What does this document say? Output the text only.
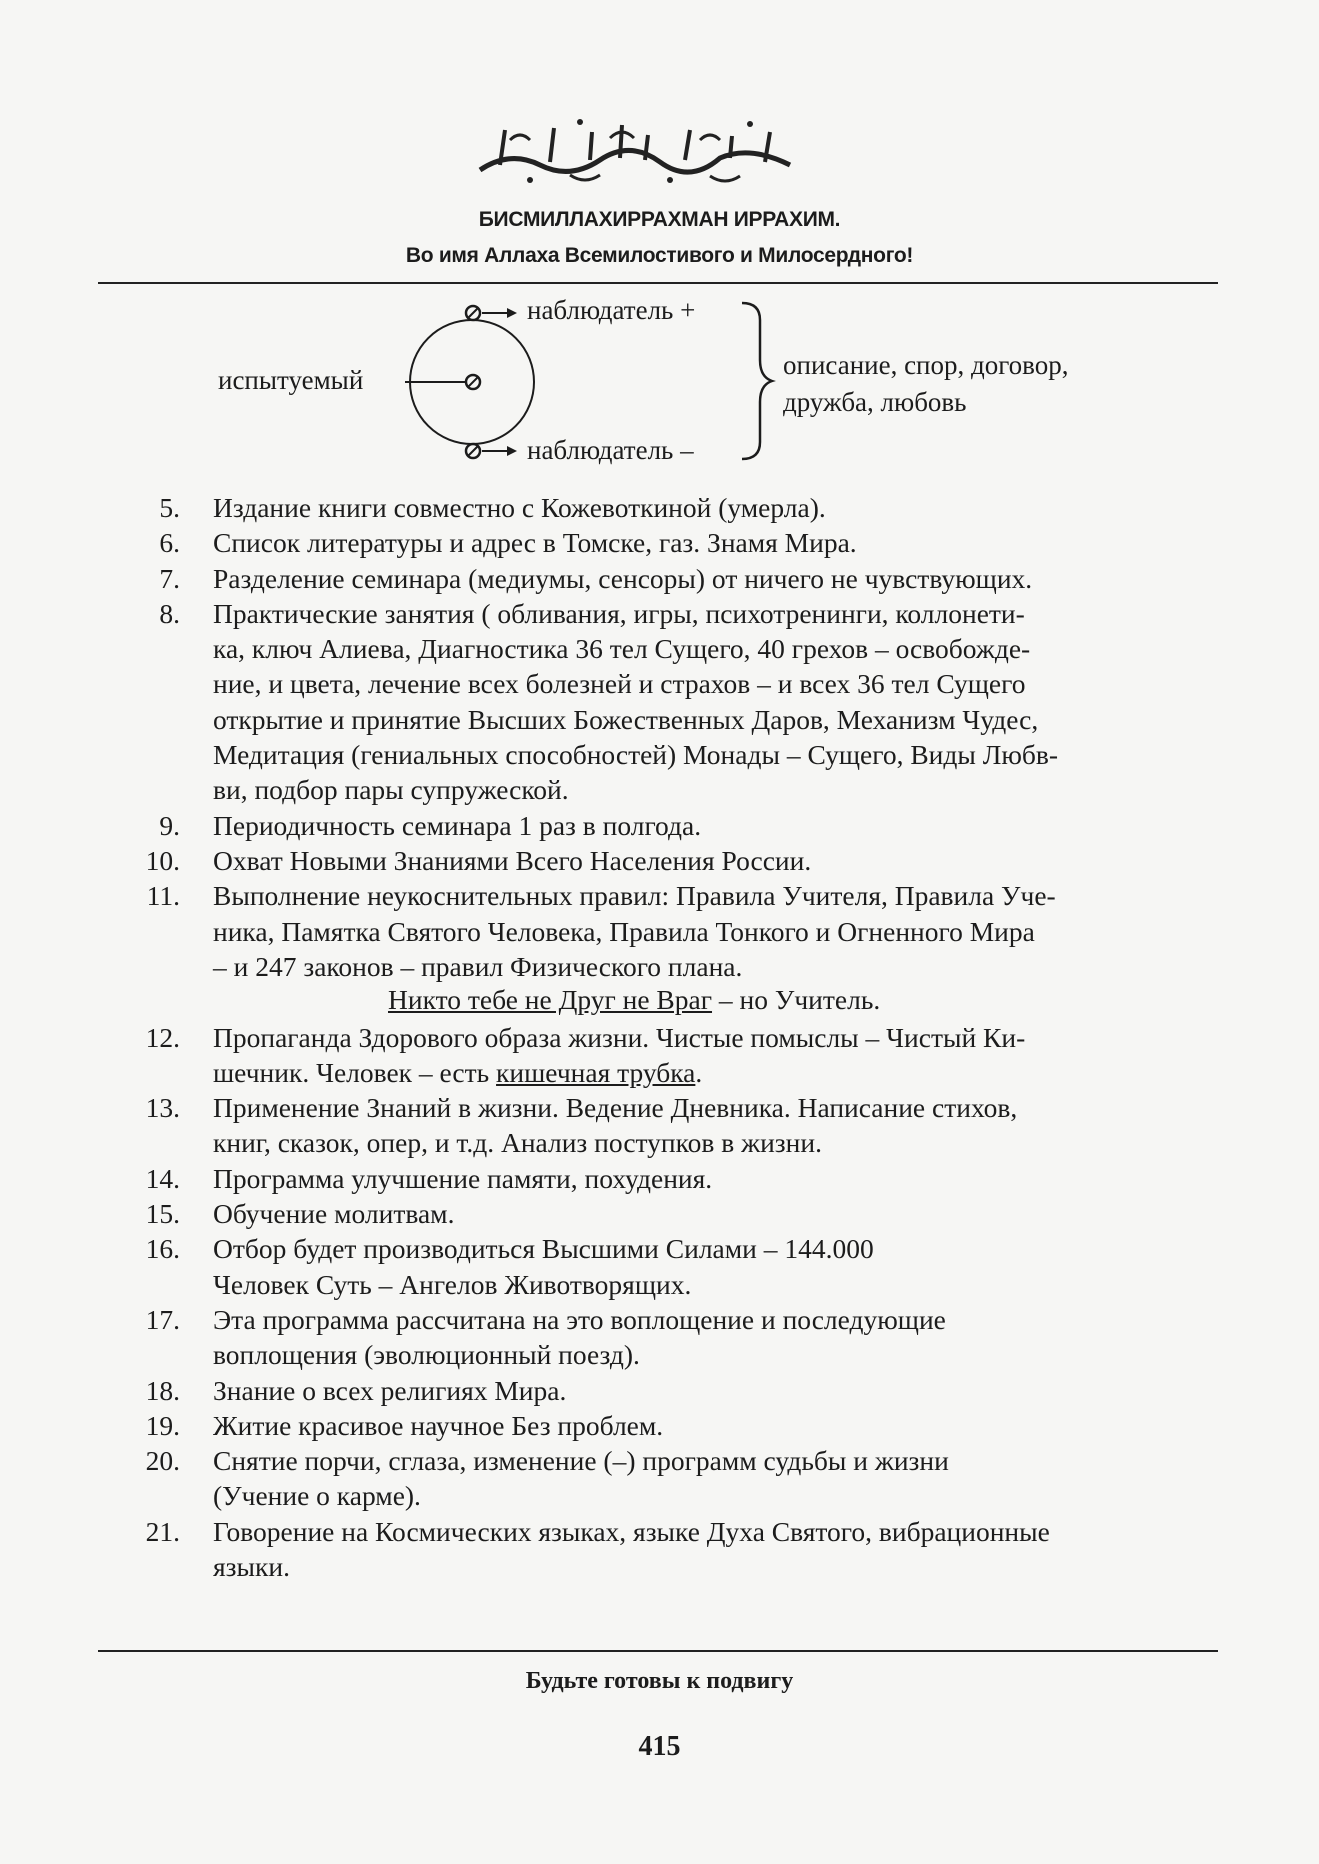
БИСМИЛЛАХИРРАХМАН ИРРАХИМ.
Во имя Аллаха Всемилостивого и Милосердного!
наблюдатель +
испытуемый
наблюдатель –
описание, спор, договор,
дружба, любовь
5. Издание книги совместно с Кожевоткиной (умерла).
6. Список литературы и адрес в Томске, газ. Знамя Мира.
7. Разделение семинара (медиумы, сенсоры) от ничего не чувствующих.
8. Практические занятия ( обливания, игры, психотренинги, коллонети-
ка, ключ Алиева, Диагностика 36 тел Сущего, 40 грехов – освобожде-
ние, и цвета, лечение всех болезней и страхов – и всех 36 тел Сущего
открытие и принятие Высших Божественных Даров, Механизм Чудес,
Медитация (гениальных способностей) Монады – Сущего, Виды Любв-
ви, подбор пары супружеской.
9. Периодичность семинара 1 раз в полгода.
10. Охват Новыми Знаниями Всего Населения России.
11. Выполнение неукоснительных правил: Правила Учителя, Правила Уче-
ника, Памятка Святого Человека, Правила Тонкого и Огненного Мира
– и 247 законов – правил Физического плана.
Никто тебе не Друг не Враг – но Учитель.
12. Пропаганда Здорового образа жизни. Чистые помыслы – Чистый Ки-
шечник. Человек – есть кишечная трубка.
13. Применение Знаний в жизни. Ведение Дневника. Написание стихов,
книг, сказок, опер, и т.д. Анализ поступков в жизни.
14. Программа улучшение памяти, похудения.
15. Обучение молитвам.
16. Отбор будет производиться Высшими Силами – 144.000
Человек Суть – Ангелов Животворящих.
17. Эта программа рассчитана на это воплощение и последующие
воплощения (эволюционный поезд).
18. Знание о всех религиях Мира.
19. Житие красивое научное Без проблем.
20. Снятие порчи, сглаза, изменение (–) программ судьбы и жизни
(Учение о карме).
21. Говорение на Космических языках, языке Духа Святого, вибрационные
языки.
Будьте готовы к подвигу
415
